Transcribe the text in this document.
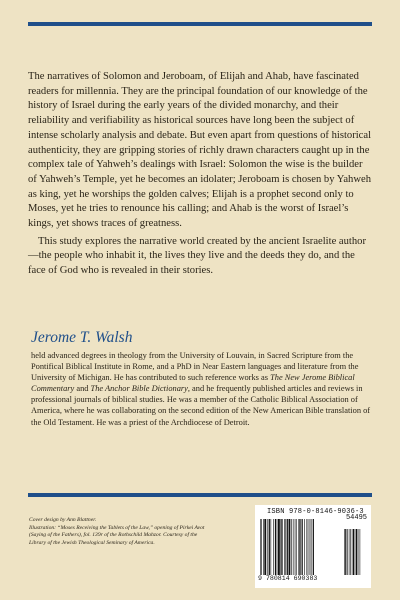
The narratives of Solomon and Jeroboam, of Elijah and Ahab, have fascinated readers for millennia. They are the principal foundation of our knowledge of the history of Israel during the early years of the divided monarchy, and their reliability and verifiability as historical sources have long been the subject of intense scholarly analysis and debate. But even apart from questions of historical authenticity, they are gripping stories of richly drawn characters caught up in the complex tale of Yahweh’s dealings with Israel: Solomon the wise is the builder of Yahweh’s Temple, yet he becomes an idolater; Jeroboam is chosen by Yahweh as king, yet he worships the golden calves; Elijah is a prophet second only to Moses, yet he tries to renounce his calling; and Ahab is the worst of Israel’s kings, yet shows traces of greatness.

This study explores the narrative world created by the ancient Israelite author—the people who inhabit it, the lives they live and the deeds they do, and the face of God who is revealed in their stories.

Jerome T. Walsh
held advanced degrees in theology from the University of Louvain, in Sacred Scripture from the Pontifical Biblical Institute in Rome, and a PhD in Near Eastern languages and literature from the University of Michigan. He has contributed to such reference works as The New Jerome Biblical Commentary and The Anchor Bible Dictionary, and he frequently published articles and reviews in professional journals of biblical studies. He was a member of the Catholic Biblical Association of America, where he was collaborating on the second edition of the New American Bible translation of the Old Testament. He was a priest of the Archdiocese of Detroit.
Cover design by Ann Blattner.
Illustration: “Moses Receiving the Tablets of the Law,” opening of Pirkei Avot (Saying of the Fathers), fol. 139r of the Rothschild Mahzor. Courtesy of the Library of the Jewish Theological Seminary of America.
ISBN 978-0-8146-9036-3
9 780814 690383
54495
